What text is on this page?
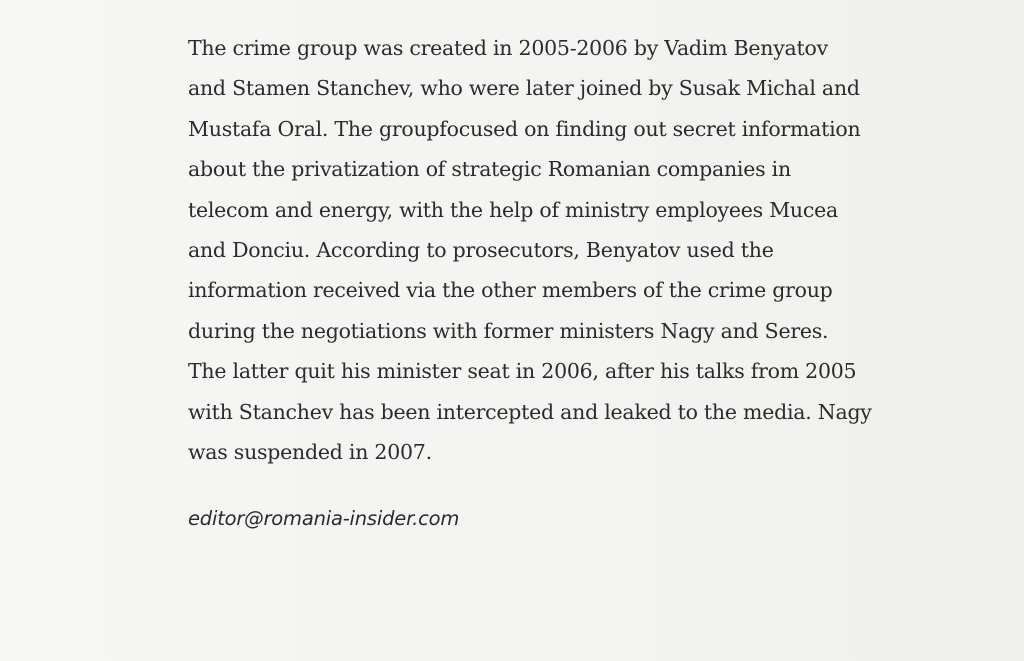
The crime group was created in 2005-2006 by Vadim Benyatov
and Stamen Stanchev, who were later joined by Susak Michal and
Mustafa Oral. The groupfocused on finding out secret information
about the privatization of strategic Romanian companies in
telecom and energy, with the help of ministry employees Mucea
and Donciu. According to prosecutors, Benyatov used the
information received via the other members of the crime group
during the negotiations with former ministers Nagy and Seres.
The latter quit his minister seat in 2006, after his talks from 2005
with Stanchev has been intercepted and leaked to the media. Nagy
was suspended in 2007.

editor@romania-insider.com
